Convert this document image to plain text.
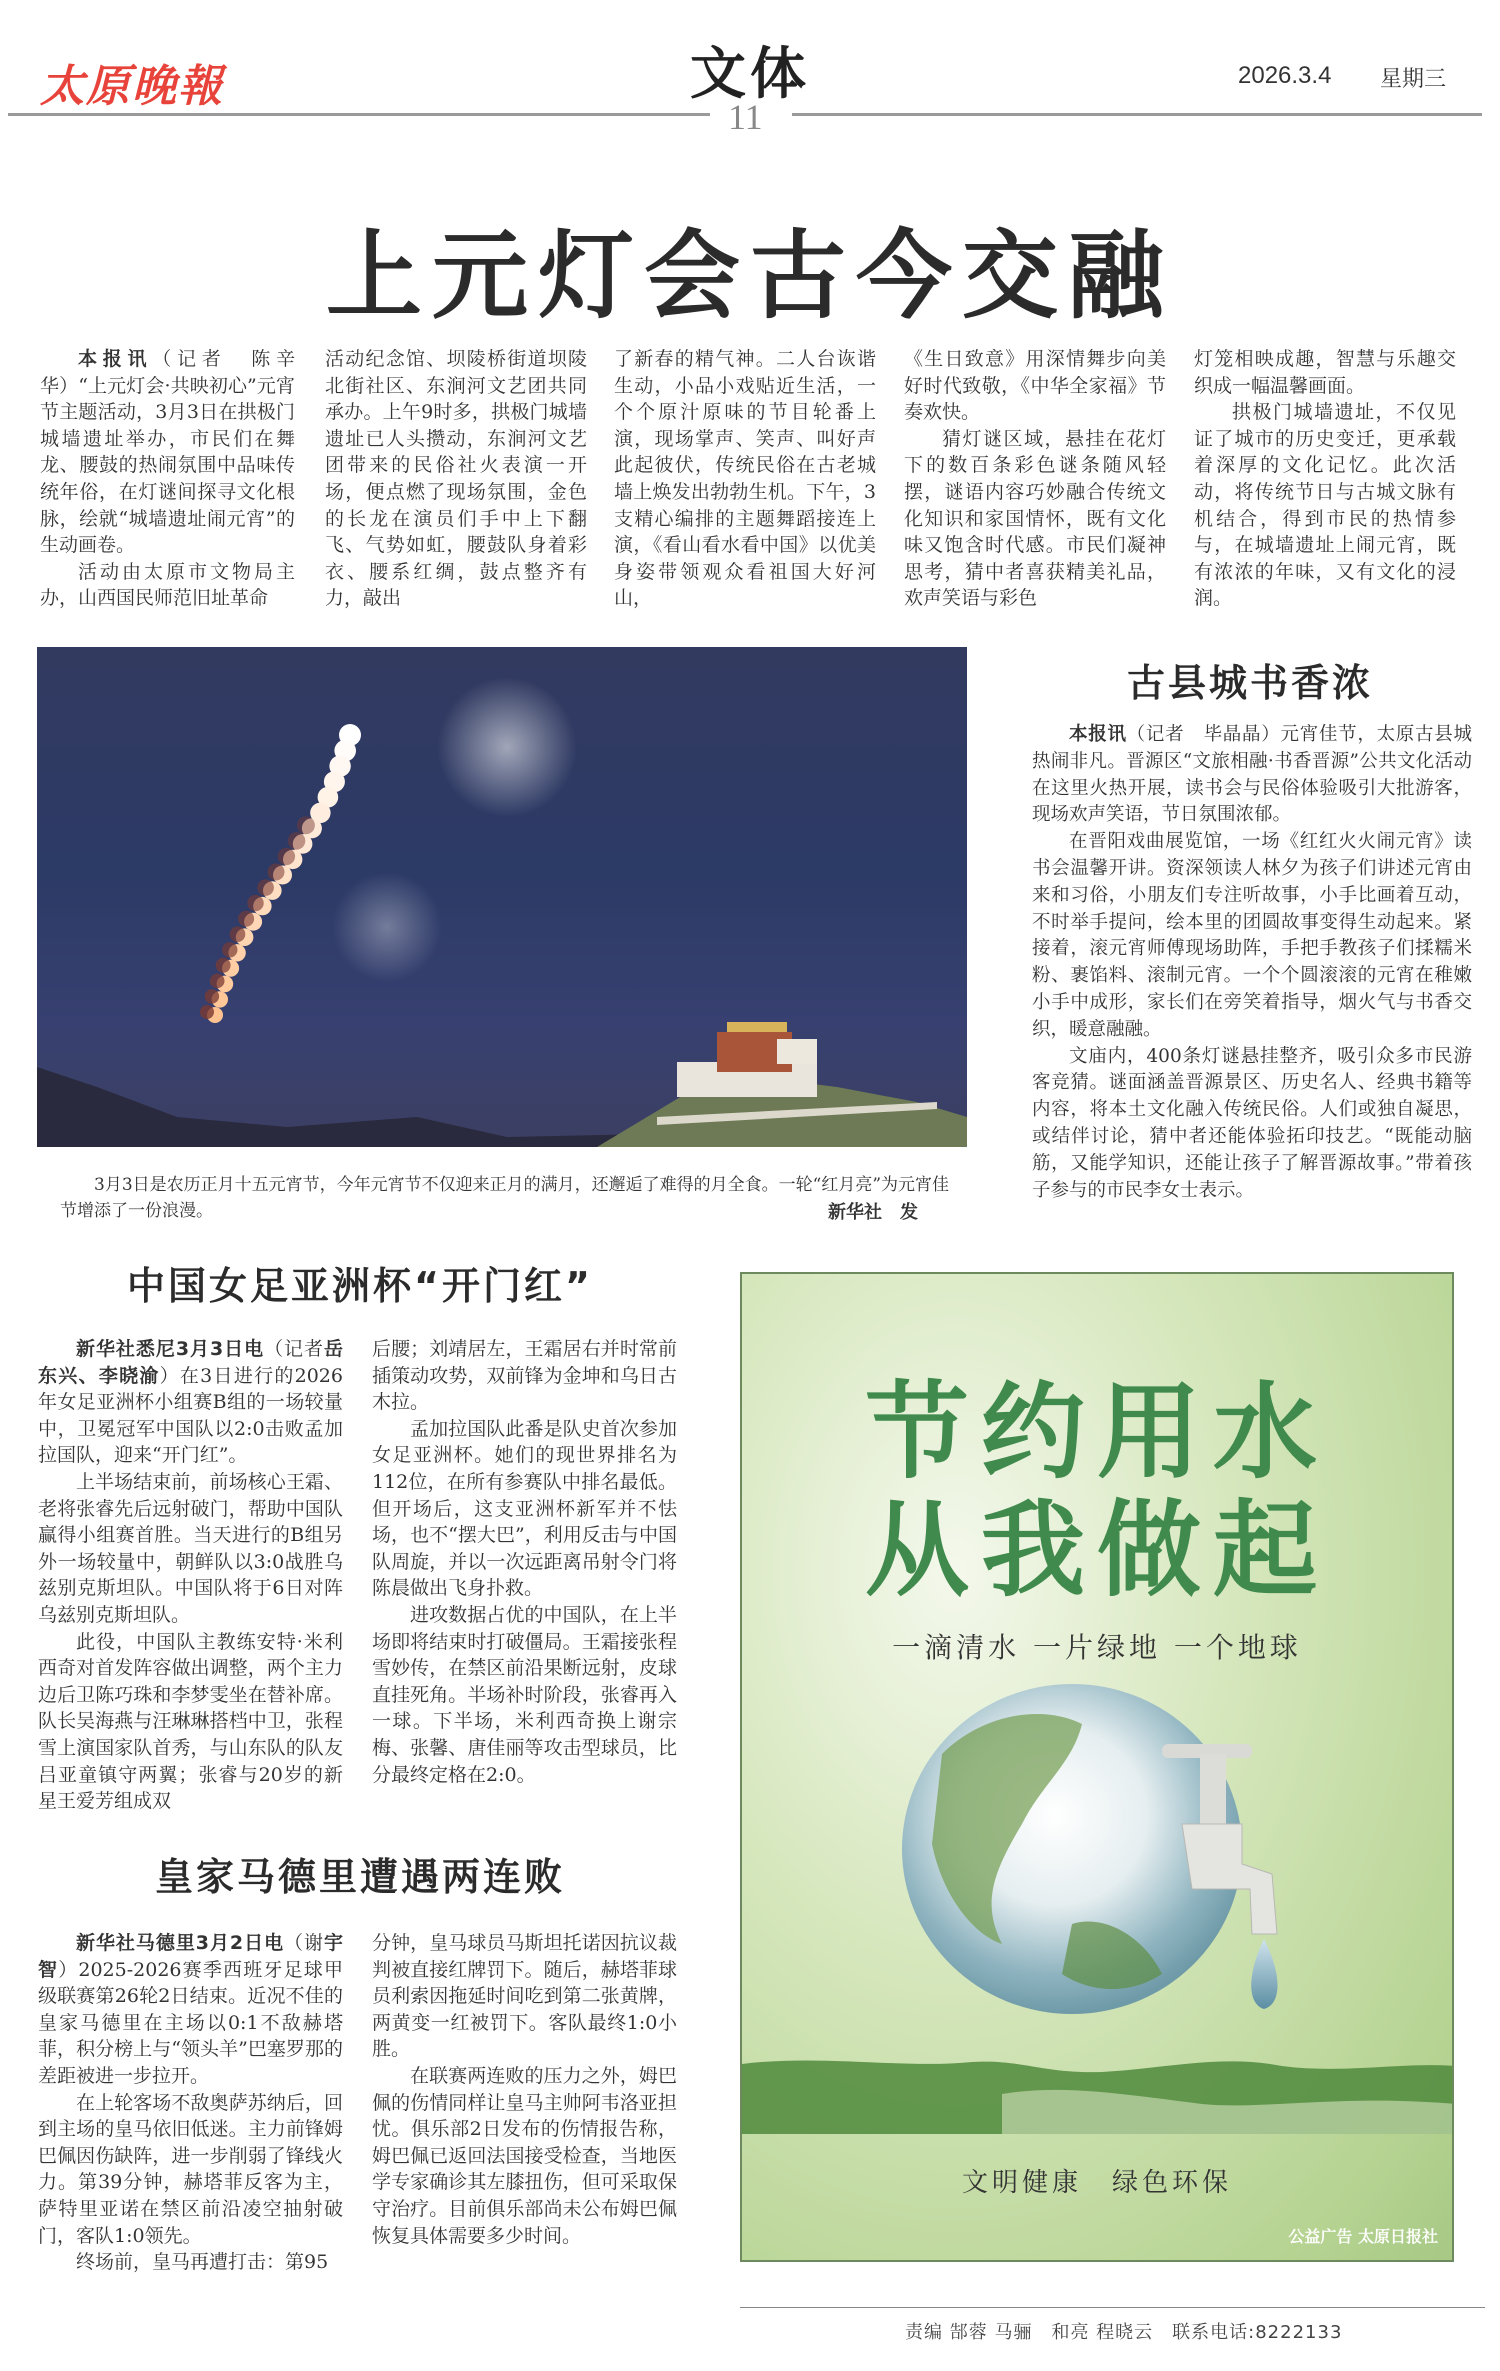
太原晚報	文体
11
2026.3.4 星期三
上元灯会古今交融

本报讯（记者　陈辛华）“上元灯会·共映初心”元宵节主题活动，3月3日在拱极门城墙遗址举办，市民们在舞龙、腰鼓的热闹氛围中品味传统年俗，在灯谜间探寻文化根脉，绘就“城墙遗址闹元宵”的生动画卷。

活动由太原市文物局主办，山西国民师范旧址革命

活动纪念馆、坝陵桥街道坝陵北街社区、东涧河文艺团共同承办。上午9时多，拱极门城墙遗址已人头攒动，东涧河文艺团带来的民俗社火表演一开场，便点燃了现场氛围，金色的长龙在演员们手中上下翻飞、气势如虹，腰鼓队身着彩衣、腰系红绸，鼓点整齐有力，敲出

了新春的精气神。二人台诙谐生动，小品小戏贴近生活，一个个原汁原味的节目轮番上演，现场掌声、笑声、叫好声此起彼伏，传统民俗在古老城墙上焕发出勃勃生机。下午，3支精心编排的主题舞蹈接连上演，《看山看水看中国》以优美身姿带领观众看祖国大好河山，

《生日致意》用深情舞步向美好时代致敬，《中华全家福》节奏欢快。

猜灯谜区域，悬挂在花灯下的数百条彩色谜条随风轻摆，谜语内容巧妙融合传统文化知识和家国情怀，既有文化味又饱含时代感。市民们凝神思考，猜中者喜获精美礼品，欢声笑语与彩色

灯笼相映成趣，智慧与乐趣交织成一幅温馨画面。

拱极门城墙遗址，不仅见证了城市的历史变迁，更承载着深厚的文化记忆。此次活动，将传统节日与古城文脉有机结合，得到市民的热情参与，在城墙遗址上闹元宵，既有浓浓的年味，又有文化的浸润。

3月3日是农历正月十五元宵节，今年元宵节不仅迎来正月的满月，还邂逅了难得的月全食。一轮“红月亮”为元宵佳节增添了一份浪漫。	新华社　发
古县城书香浓

本报讯（记者　毕晶晶）元宵佳节，太原古县城热闹非凡。晋源区“文旅相融·书香晋源”公共文化活动在这里火热开展，读书会与民俗体验吸引大批游客，现场欢声笑语，节日氛围浓郁。

在晋阳戏曲展览馆，一场《红红火火闹元宵》读书会温馨开讲。资深领读人林夕为孩子们讲述元宵由来和习俗，小朋友们专注听故事，小手比画着互动，不时举手提问，绘本里的团圆故事变得生动起来。紧接着，滚元宵师傅现场助阵，手把手教孩子们揉糯米粉、裹馅料、滚制元宵。一个个圆滚滚的元宵在稚嫩小手中成形，家长们在旁笑着指导，烟火气与书香交织，暖意融融。

文庙内，400条灯谜悬挂整齐，吸引众多市民游客竞猜。谜面涵盖晋源景区、历史名人、经典书籍等内容，将本土文化融入传统民俗。人们或独自凝思，或结伴讨论，猜中者还能体验拓印技艺。“既能动脑筋，又能学知识，还能让孩子了解晋源故事。”带着孩子参与的市民李女士表示。

中国女足亚洲杯“开门红”

新华社悉尼3月3日电（记者岳东兴、李晓渝）在3日进行的2026年女足亚洲杯小组赛B组的一场较量中，卫冕冠军中国队以2:0击败孟加拉国队，迎来“开门红”。

上半场结束前，前场核心王霜、老将张睿先后远射破门，帮助中国队赢得小组赛首胜。当天进行的B组另外一场较量中，朝鲜队以3:0战胜乌兹别克斯坦队。中国队将于6日对阵乌兹别克斯坦队。

此役，中国队主教练安特·米利西奇对首发阵容做出调整，两个主力边后卫陈巧珠和李梦雯坐在替补席。队长吴海燕与汪琳琳搭档中卫，张程雪上演国家队首秀，与山东队的队友吕亚童镇守两翼；张睿与20岁的新星王爱芳组成双

后腰；刘靖居左，王霜居右并时常前插策动攻势，双前锋为金坤和乌日古木拉。

孟加拉国队此番是队史首次参加女足亚洲杯。她们的现世界排名为112位，在所有参赛队中排名最低。但开场后，这支亚洲杯新军并不怯场，也不“摆大巴”，利用反击与中国队周旋，并以一次远距离吊射令门将陈晨做出飞身扑救。

进攻数据占优的中国队，在上半场即将结束时打破僵局。王霜接张程雪妙传，在禁区前沿果断远射，皮球直挂死角。半场补时阶段，张睿再入一球。下半场，米利西奇换上谢宗梅、张馨、唐佳丽等攻击型球员，比分最终定格在2:0。

皇家马德里遭遇两连败

新华社马德里3月2日电（谢宇智）2025-2026赛季西班牙足球甲级联赛第26轮2日结束。近况不佳的皇家马德里在主场以0:1不敌赫塔菲，积分榜上与“领头羊”巴塞罗那的差距被进一步拉开。

在上轮客场不敌奥萨苏纳后，回到主场的皇马依旧低迷。主力前锋姆巴佩因伤缺阵，进一步削弱了锋线火力。第39分钟，赫塔菲反客为主，萨特里亚诺在禁区前沿凌空抽射破门，客队1:0领先。

终场前，皇马再遭打击：第95

分钟，皇马球员马斯坦托诺因抗议裁判被直接红牌罚下。随后，赫塔菲球员利索因拖延时间吃到第二张黄牌，两黄变一红被罚下。客队最终1:0小胜。

在联赛两连败的压力之外，姆巴佩的伤情同样让皇马主帅阿韦洛亚担忧。俱乐部2日发布的伤情报告称，姆巴佩已返回法国接受检查，当地医学专家确诊其左膝扭伤，但可采取保守治疗。目前俱乐部尚未公布姆巴佩恢复具体需要多少时间。

节约用水
从我做起
一滴清水 一片绿地 一个地球
文明健康　绿色环保
公益广告 太原日报社
责编 郜蓉 马骊　和亮 程晓云　联系电话:8222133
